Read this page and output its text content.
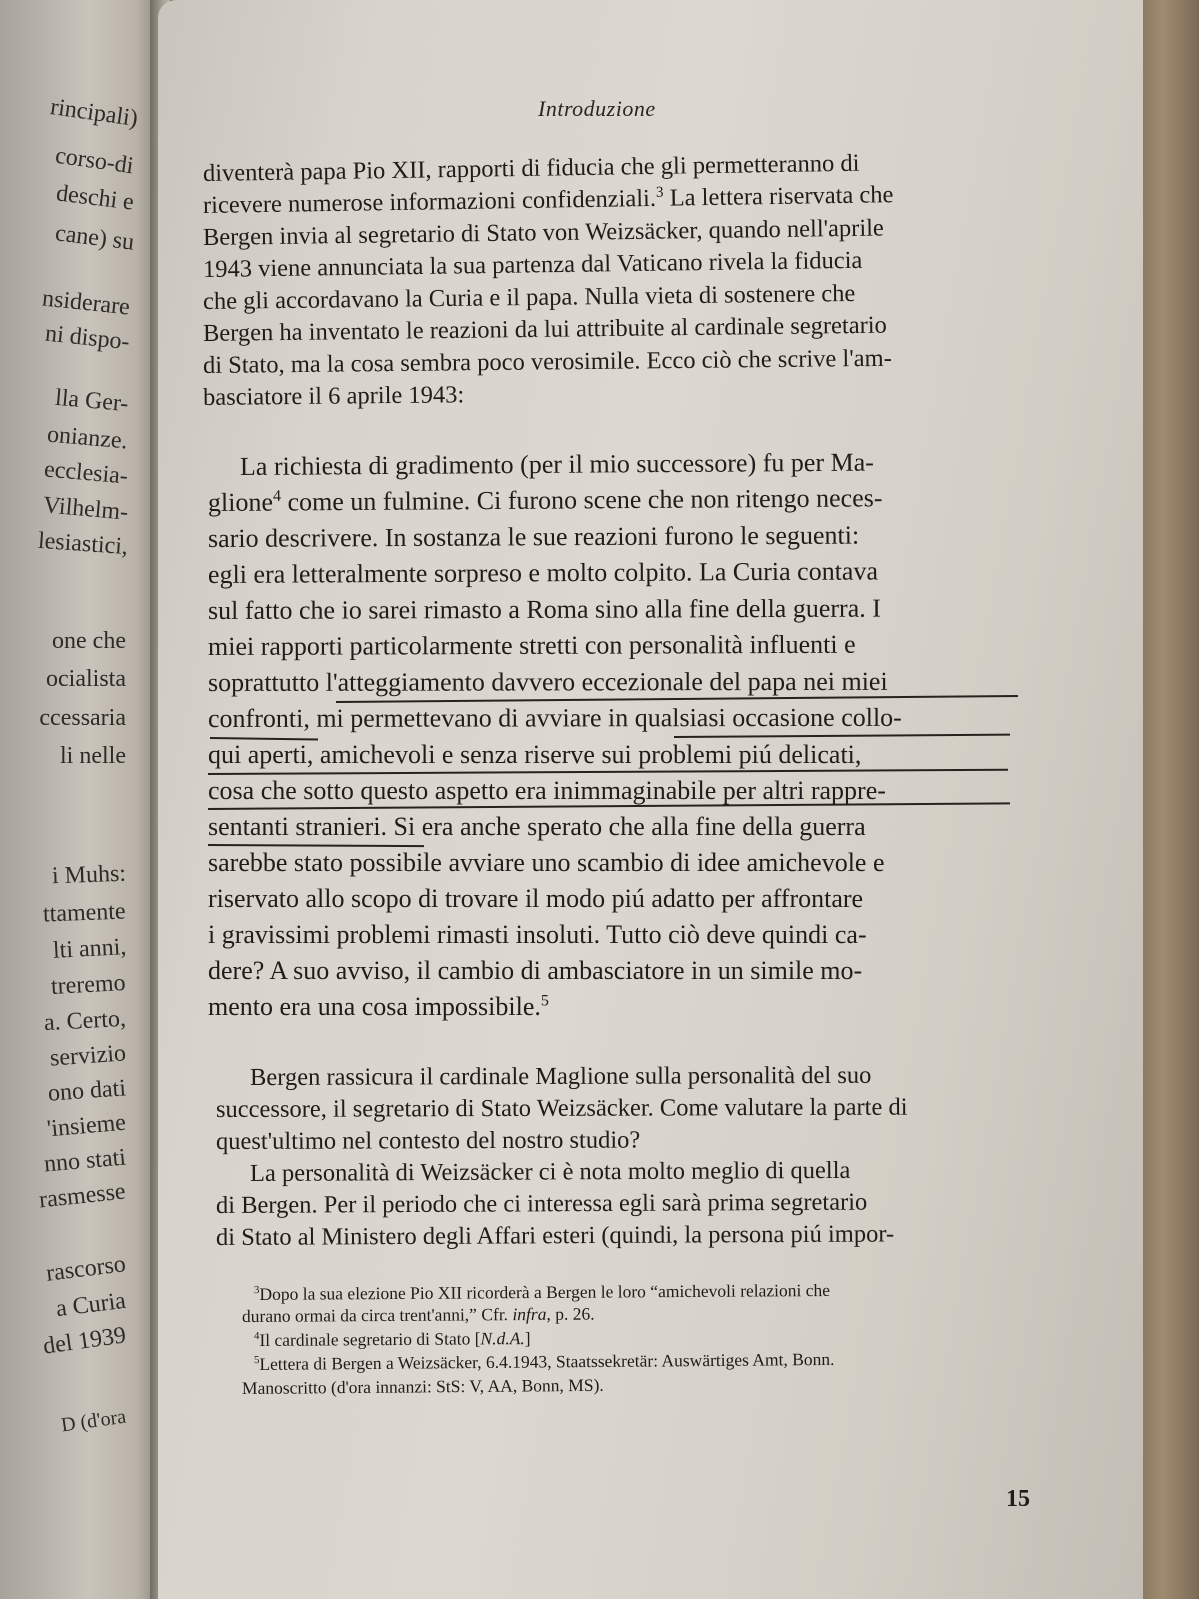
rincipali)
corso-di
deschi e
cane) su
nsiderare
ni dispo-
lla Ger-
onianze.
ecclesia-
Vilhelm-
lesiastici,
one che
ocialista
ccessaria
li nelle
i Muhs:
ttamente
lti anni,
treremo
a. Certo,
servizio
ono dati
'insieme
nno stati
rasmesse
rascorso
a Curia
del 1939
D (d'ora
Introduzione
diventerà papa Pio XII, rapporti di fiducia che gli permetteranno di
ricevere numerose informazioni confidenziali.$^3$ La lettera riservata che
Bergen invia al segretario di Stato von Weizsäcker, quando nell'aprile
1943 viene annunciata la sua partenza dal Vaticano rivela la fiducia
che gli accordavano la Curia e il papa. Nulla vieta di sostenere che
Bergen ha inventato le reazioni da lui attribuite al cardinale segretario
di Stato, ma la cosa sembra poco verosimile. Ecco ciò che scrive l'am-
basciatore il 6 aprile 1943:
La richiesta di gradimento (per il mio successore) fu per Ma-
glione$^4$ come un fulmine. Ci furono scene che non ritengo neces-
sario descrivere. In sostanza le sue reazioni furono le seguenti:
egli era letteralmente sorpreso e molto colpito. La Curia contava
sul fatto che io sarei rimasto a Roma sino alla fine della guerra. I
miei rapporti particolarmente stretti con personalità influenti e
soprattutto l'atteggiamento davvero eccezionale del papa nei miei
confronti, mi permettevano di avviare in qualsiasi occasione collo-
qui aperti, amichevoli e senza riserve sui problemi piú delicati,
cosa che sotto questo aspetto era inimmaginabile per altri rappre-
sentanti stranieri. Si era anche sperato che alla fine della guerra
sarebbe stato possibile avviare uno scambio di idee amichevole e
riservato allo scopo di trovare il modo piú adatto per affrontare
i gravissimi problemi rimasti insoluti. Tutto ciò deve quindi ca-
dere? A suo avviso, il cambio di ambasciatore in un simile mo-
mento era una cosa impossibile.$^5$
Bergen rassicura il cardinale Maglione sulla personalità del suo
successore, il segretario di Stato Weizsäcker. Come valutare la parte di
quest'ultimo nel contesto del nostro studio?
La personalità di Weizsäcker ci è nota molto meglio di quella
di Bergen. Per il periodo che ci interessa egli sarà prima segretario
di Stato al Ministero degli Affari esteri (quindi, la persona piú impor-
$^3$Dopo la sua elezione Pio XII ricorderà a Bergen le loro “amichevoli relazioni che
durano ormai da circa trent'anni,” Cfr. infra, p. 26.
$^4$Il cardinale segretario di Stato [N.d.A.]
$^5$Lettera di Bergen a Weizsäcker, 6.4.1943, Staatssekretär: Auswärtiges Amt, Bonn.
Manoscritto (d'ora innanzi: StS: V, AA, Bonn, MS).
15
